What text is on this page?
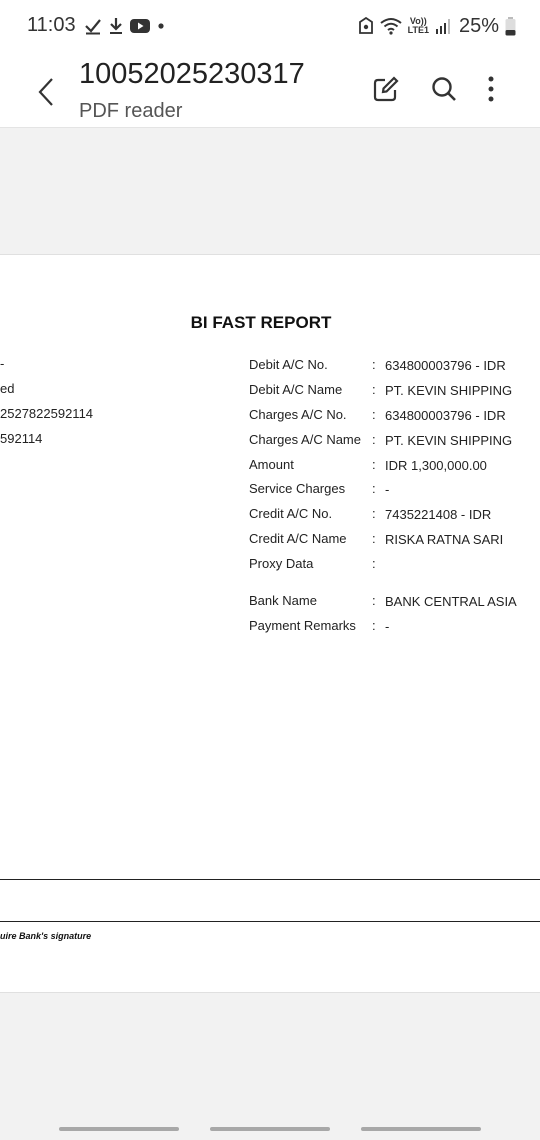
11:03	Vo))
LTE1 25%
10052025230317
PDF reader
BI FAST REPORT
-
ed
2527822592114
592114
Debit A/C No.	: 634800003796 - IDR
Debit A/C Name : PT. KEVIN SHIPPING
Charges A/C No. : 634800003796 - IDR
Charges A/C Name : PT. KEVIN SHIPPING
Amount	: IDR 1,300,000.00
Service Charges : -
Credit A/C No.	: 7435221408 - IDR
Credit A/C Name : RISKA RATNA SARI
Proxy Data	:
Bank Name	: BANK CENTRAL ASIA
Payment Remarks : -
uire Bank's signature
